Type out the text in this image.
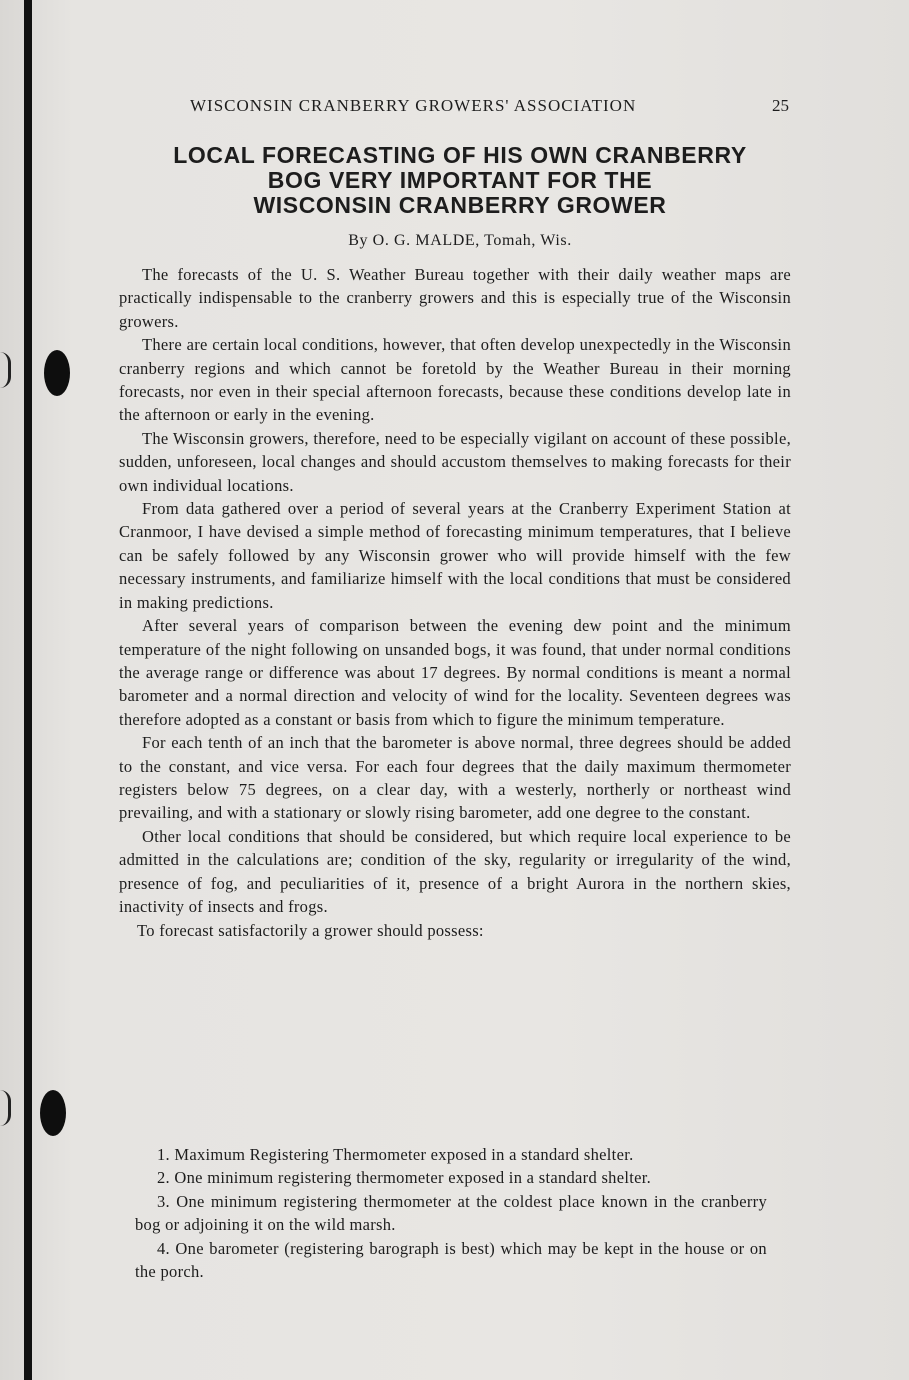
WISCONSIN CRANBERRY GROWERS' ASSOCIATION	25
LOCAL FORECASTING OF HIS OWN CRANBERRY
BOG VERY IMPORTANT FOR THE
WISCONSIN CRANBERRY GROWER
By O. G. MALDE, Tomah, Wis.

The forecasts of the U. S. Weather Bureau together with their daily weather maps are practically indispensable to the cranberry growers and this is especially true of the Wisconsin growers.

There are certain local conditions, however, that often develop unexpectedly in the Wisconsin cranberry regions and which cannot be foretold by the Weather Bureau in their morning forecasts, nor even in their special afternoon forecasts, because these conditions develop late in the afternoon or early in the evening.

The Wisconsin growers, therefore, need to be especially vigilant on account of these possible, sudden, unforeseen, local changes and should accustom themselves to making forecasts for their own individual locations.

From data gathered over a period of several years at the Cranberry Experiment Station at Cranmoor, I have devised a simple method of forecasting minimum temperatures, that I believe can be safely followed by any Wisconsin grower who will provide himself with the few necessary instruments, and familiarize himself with the local conditions that must be considered in making predictions.

After several years of comparison between the evening dew point and the minimum temperature of the night following on unsanded bogs, it was found, that under normal conditions the average range or difference was about 17 degrees. By normal conditions is meant a normal barometer and a normal direction and velocity of wind for the locality. Seventeen degrees was therefore adopted as a constant or basis from which to figure the minimum temperature.

For each tenth of an inch that the barometer is above normal, three degrees should be added to the constant, and vice versa. For each four degrees that the daily maximum thermometer registers below 75 degrees, on a clear day, with a westerly, northerly or northeast wind prevailing, and with a stationary or slowly rising barometer, add one degree to the constant.

Other local conditions that should be considered, but which require local experience to be admitted in the calculations are; condition of the sky, regularity or irregularity of the wind, presence of fog, and peculiarities of it, presence of a bright Aurora in the northern skies, inactivity of insects and frogs.

To forecast satisfactorily a grower should possess:

1. Maximum Registering Thermometer exposed in a standard shelter.

2. One minimum registering thermometer exposed in a standard shelter.

3. One minimum registering thermometer at the coldest place known in the cranberry bog or adjoining it on the wild marsh.

4. One barometer (registering barograph is best) which may be kept in the house or on the porch.
